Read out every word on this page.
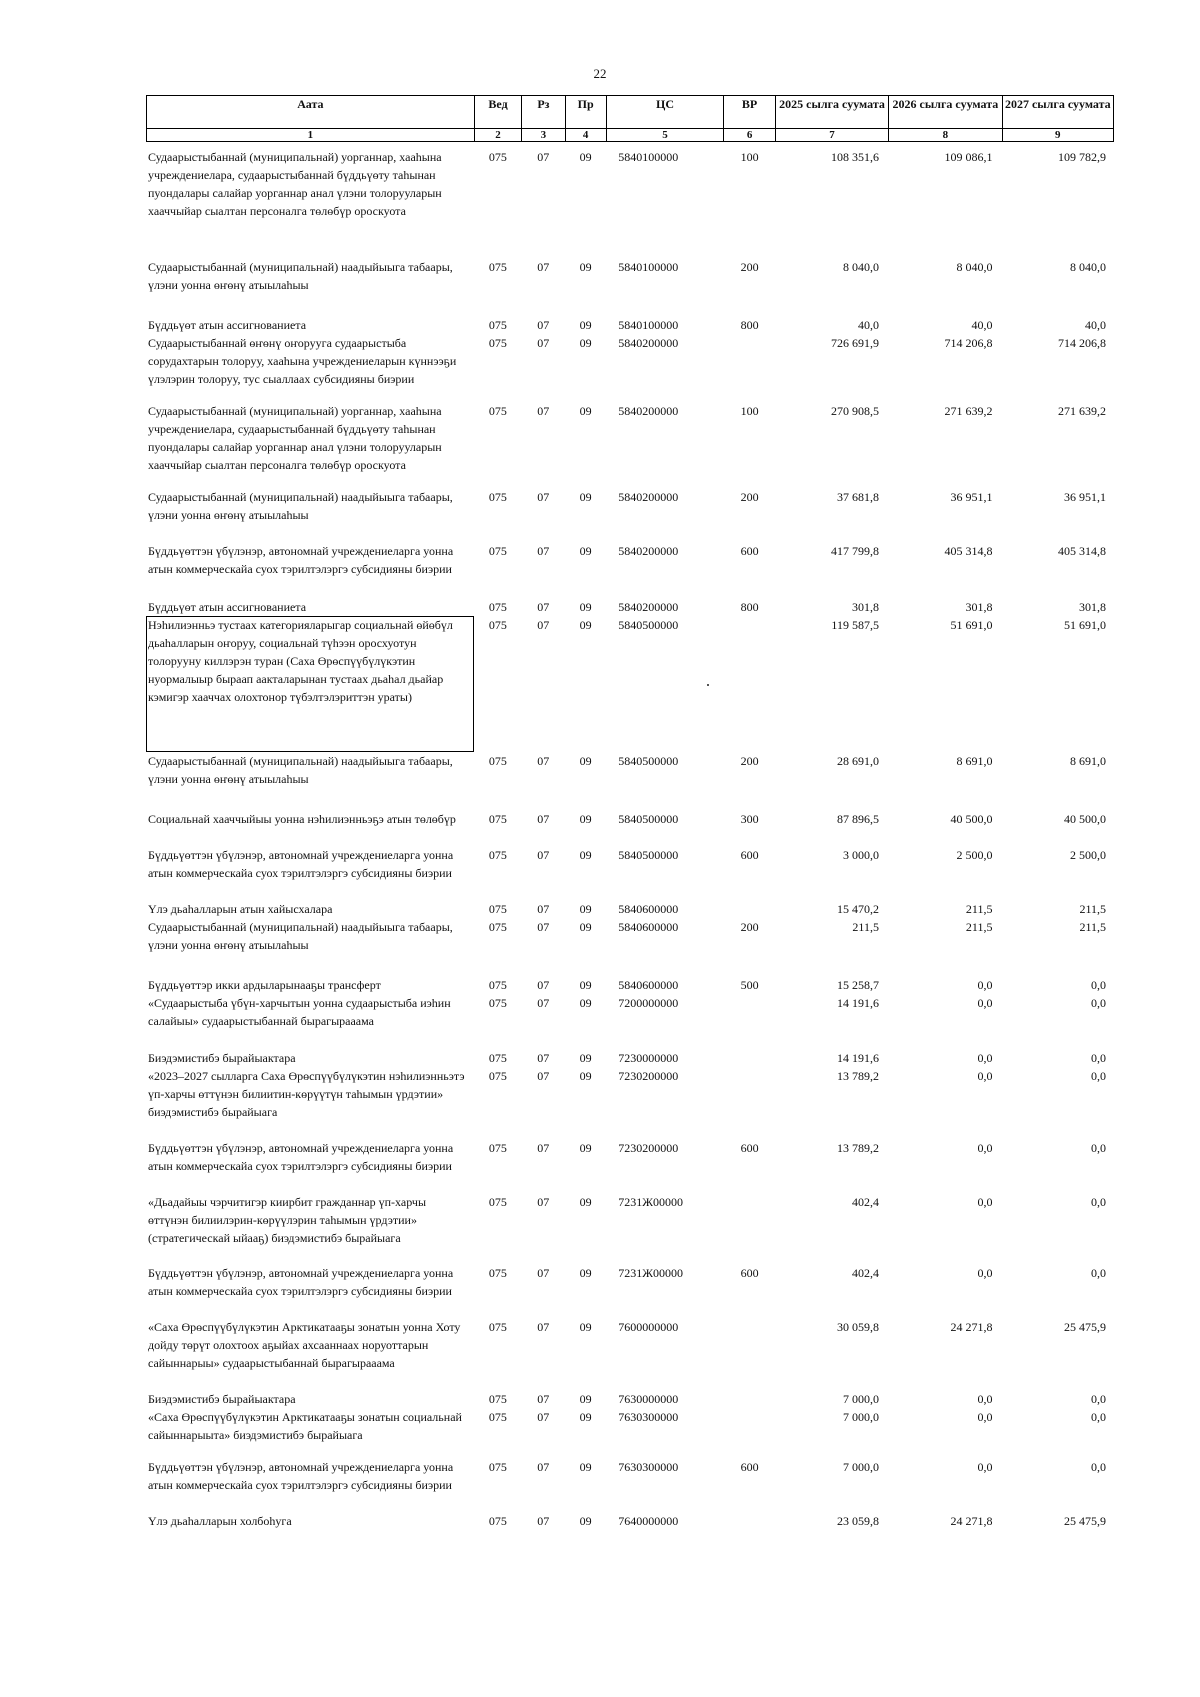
22
Аата	Вед	Рз	Пр	ЦС	ВР	2025 сылга суумата	2026 сылга суумата	2027 сылга суумата
1	2	3	4	5	6	7	8	9
Судаарыстыбаннай (муниципальнай) уорганнар, хааһына учреждениелара, судаарыстыбаннай бүддьүөту таһынан пуондалары салайар уорганнар анал үлэни толорууларын хааччыйар сыалтан персоналга төлөбүр ороскуота	075	07	09	5840100000	100	108 351,6	109 086,1	109 782,9
Судаарыстыбаннай (муниципальнай) наадыйыыга табаары, үлэни уонна өҥөнү атыылаһыы	075	07	09	5840100000	200	8 040,0	8 040,0	8 040,0
Бүддьүөт атын ассигнованиета	075	07	09	5840100000	800	40,0	40,0	40,0
Судаарыстыбаннай өҥөнү оҥорууга судаарыстыба сорудахтарын толоруу, хааһына учреждениеларын күннээҕи үлэлэрин толоруу, тус сыаллаах субсидияны биэрии	075	07	09	5840200000		726 691,9	714 206,8	714 206,8
Судаарыстыбаннай (муниципальнай) уорганнар, хааһына учреждениелара, судаарыстыбаннай бүддьүөту таһынан пуондалары салайар уорганнар анал үлэни толорууларын хааччыйар сыалтан персоналга төлөбүр ороскуота	075	07	09	5840200000	100	270 908,5	271 639,2	271 639,2
Судаарыстыбаннай (муниципальнай) наадыйыыга табаары, үлэни уонна өҥөнү атыылаһыы	075	07	09	5840200000	200	37 681,8	36 951,1	36 951,1
Бүддьүөттэн үбүлэнэр, автономнай учреждениеларга уонна атын коммерческайа суох тэрилтэлэргэ субсидияны биэрии	075	07	09	5840200000	600	417 799,8	405 314,8	405 314,8
Бүддьүөт атын ассигнованиета	075	07	09	5840200000	800	301,8	301,8	301,8
Нэһилиэнньэ тустаах категорияларыгар социальнай өйөбүл дьаһалларын оҥоруу, социальнай түһээн оросхуотун толорууну киллэрэн туран (Саха Өрөспүүбүлүкэтин нуормалыыр быраап аакталарынан тустаах дьаһал дьайар кэмигэр хааччах олохтонор түбэлтэлэриттэн ураты)	075	07	09	5840500000		119 587,5	51 691,0	51 691,0
Судаарыстыбаннай (муниципальнай) наадыйыыга табаары, үлэни уонна өҥөнү атыылаһыы	075	07	09	5840500000	200	28 691,0	8 691,0	8 691,0
Социальнай хааччыйыы уонна нэһилиэнньэҕэ атын төлөбүр	075	07	09	5840500000	300	87 896,5	40 500,0	40 500,0
Бүддьүөттэн үбүлэнэр, автономнай учреждениеларга уонна атын коммерческайа суох тэрилтэлэргэ субсидияны биэрии	075	07	09	5840500000	600	3 000,0	2 500,0	2 500,0
Үлэ дьаһалларын атын хайысхалара	075	07	09	5840600000		15 470,2	211,5	211,5
Судаарыстыбаннай (муниципальнай) наадыйыыга табаары, үлэни уонна өҥөнү атыылаһыы	075	07	09	5840600000	200	211,5	211,5	211,5
Бүддьүөттэр икки ардыларынааҕы трансферт	075	07	09	5840600000	500	15 258,7	0,0	0,0
«Судаарыстыба үбүн-харчытын уонна судаарыстыба иэһин салайыы» судаарыстыбаннай бырагырааама	075	07	09	7200000000		14 191,6	0,0	0,0
Биэдэмистибэ бырайыактара	075	07	09	7230000000		14 191,6	0,0	0,0
«2023–2027 сылларга Саха Өрөспүүбүлүкэтин нэһилиэнньэтэ үп-харчы өттүнэн билиитин-көрүүтүн таһымын үрдэтии» биэдэмистибэ бырайыага	075	07	09	7230200000		13 789,2	0,0	0,0
Бүддьүөттэн үбүлэнэр, автономнай учреждениеларга уонна атын коммерческайа суох тэрилтэлэргэ субсидияны биэрии	075	07	09	7230200000	600	13 789,2	0,0	0,0
«Дьадайыы чэрчитигэр киирбит гражданнар үп-харчы өттүнэн билиилэрин-көрүүлэрин таһымын үрдэтии» (стратегическай ыйааҕ) биэдэмистибэ бырайыага	075	07	09	7231Ж00000		402,4	0,0	0,0
Бүддьүөттэн үбүлэнэр, автономнай учреждениеларга уонна атын коммерческайа суох тэрилтэлэргэ субсидияны биэрии	075	07	09	7231Ж00000	600	402,4	0,0	0,0
«Саха Өрөспүүбүлүкэтин Арктикатааҕы зонатын уонна Хоту дойду төрүт олохтоох аҕыйах ахсааннаах норуоттарын сайыннарыы» судаарыстыбаннай бырагырааама	075	07	09	7600000000		30 059,8	24 271,8	25 475,9
Биэдэмистибэ бырайыактара	075	07	09	7630000000		7 000,0	0,0	0,0
«Саха Өрөспүүбүлүкэтин Арктикатааҕы зонатын социальнай сайыннарыыта» биэдэмистибэ бырайыага	075	07	09	7630300000		7 000,0	0,0	0,0
Бүддьүөттэн үбүлэнэр, автономнай учреждениеларга уонна атын коммерческайа суох тэрилтэлэргэ субсидияны биэрии	075	07	09	7630300000	600	7 000,0	0,0	0,0
Үлэ дьаһалларын холбоһуга	075	07	09	7640000000		23 059,8	24 271,8	25 475,9
